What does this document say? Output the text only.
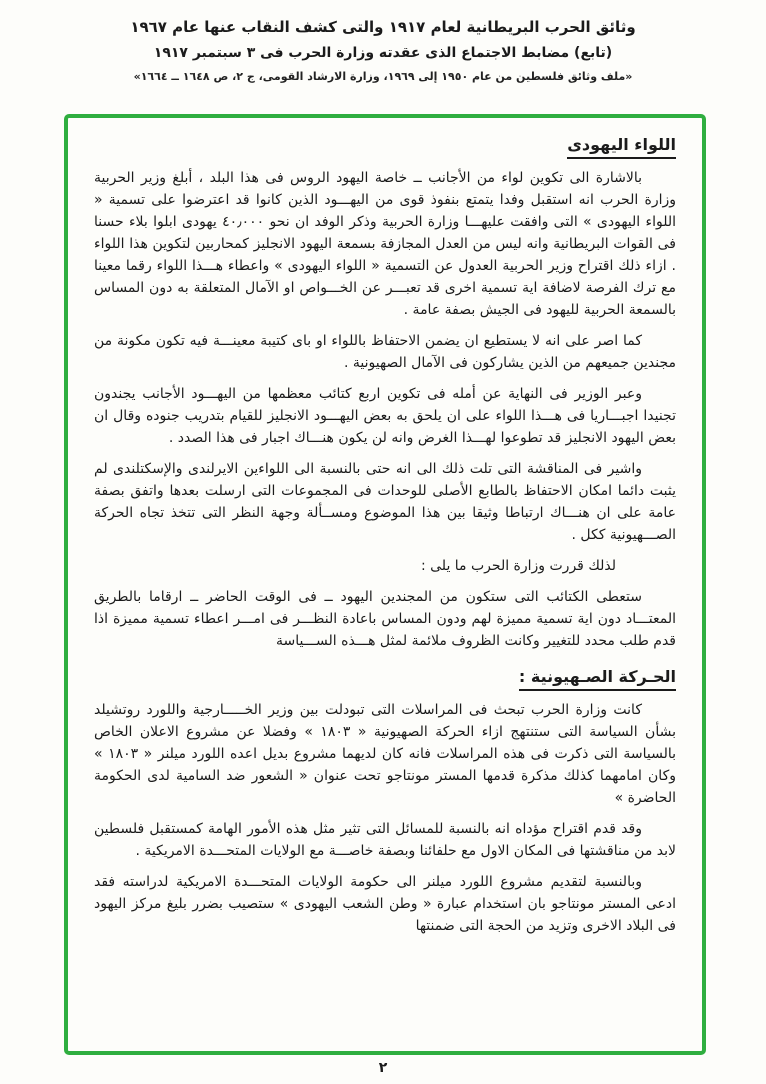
وثائق الحرب البريطانية لعام ١٩١٧ والتى كشف النقاب عنها عام ١٩٦٧
(تابع) مضابط الاجتماع الذى عقدته وزارة الحرب فى ٣ سبتمبر ١٩١٧
«ملف وثائق فلسطين من عام ١٩٥٠ إلى ١٩٦٩، وزارة الارشاد القومى، ج ٢، ص ١٦٤٨ ــ ١٦٦٤»
اللواء اليهودى

بالاشارة الى تكوين لواء من الأجانب ــ خاصة اليهود الروس فى هذا البلد ، أبلغ وزير الحربية وزارة الحرب انه استقبل وفدا يتمتع بنفوذ قوى من اليهـــود الذين كانوا قد اعترضوا على تسمية « اللواء اليهودى » التى وافقت عليهـــا وزارة الحربية وذكر الوفد ان نحو ٤٠٫٠٠٠ يهودى ابلوا بلاء حسنا فى القوات البريطانية وانه ليس من العدل المجازفة بسمعة اليهود الانجليز كمحاربين لتكوين هذا اللواء . ازاء ذلك اقتراح وزير الحربية العدول عن التسمية « اللواء اليهودى » واعطاء هـــذا اللواء رقما معينا مع ترك الفرصة لاضافة اية تسمية اخرى قد تعبـــر عن الخـــواص او الآمال المتعلقة به دون المساس بالسمعة الحربية لليهود فى الجيش بصفة عامة .

كما اصر على انه لا يستطيع ان يضمن الاحتفاظ باللواء او باى كتيبة معينـــة فيه تكون مكونة من مجندين جميعهم من الذين يشاركون فى الآمال الصهيونية .

وعبر الوزير فى النهاية عن أمله فى تكوين اربع كتائب معظمها من اليهـــود الأجانب يجندون تجنيدا اجبـــاريا فى هـــذا اللواء على ان يلحق به بعض اليهـــود الانجليز للقيام بتدريب جنوده وقال ان بعض اليهود الانجليز قد تطوعوا لهـــذا الغرض وانه لن يكون هنـــاك اجبار فى هذا الصدد .

واشير فى المناقشة التى تلت ذلك الى انه حتى بالنسبة الى اللواءين الايرلندى والإسكتلندى لم يثبت دائما امكان الاحتفاظ بالطابع الأصلى للوحدات فى المجموعات التى ارسلت بعدها واتفق بصفة عامة على ان هنـــاك ارتباطا وثيقا بين هذا الموضوع ومســألة وجهة النظر التى تتخذ تجاه الحركة الصـــهيونية ككل .

لذلك قررت وزارة الحرب ما يلى :

ستعطى الكتائب التى ستكون من المجندين اليهود ــ فى الوقت الحاضر ــ ارقاما بالطريق المعتـــاد دون اية تسمية مميزة لهم ودون المساس باعادة النظـــر فى امـــر اعطاء تسمية مميزة اذا قدم طلب محدد للتغيير وكانت الظروف ملائمة لمثل هـــذه الســـياسة

الحـركة الصـهيونية :

كانت وزارة الحرب تبحث فى المراسلات التى تبودلت بين وزير الخـــــارجية واللورد روتشيلد بشأن السياسة التى ستنتهج ازاء الحركة الصهيونية « ١٨٠٣ » وفضلا عن مشروع الاعلان الخاص بالسياسة التى ذكرت فى هذه المراسلات فانه كان لديهما مشروع بديل اعده اللورد ميلنر « ١٨٠٣ » وكان امامهما كذلك مذكرة قدمها المستر مونتاجو تحت عنوان « الشعور ضد السامية لدى الحكومة الحاضرة »

وقد قدم اقتراح مؤداه انه بالنسبة للمسائل التى تثير مثل هذه الأمور الهامة كمستقبل فلسطين لابد من مناقشتها فى المكان الاول مع حلفائنا وبصفة خاصـــة مع الولايات المتحـــدة الامريكية .

وبالنسبة لتقديم مشروع اللورد ميلنر الى حكومة الولايات المتحـــدة الامريكية لدراسته فقد ادعى المستر مونتاجو بان استخدام عبارة « وطن الشعب اليهودى » ستصيب بضرر بليغ مركز اليهود فى البلاد الاخرى وتزيد من الحجة التى ضمنتها

٢
